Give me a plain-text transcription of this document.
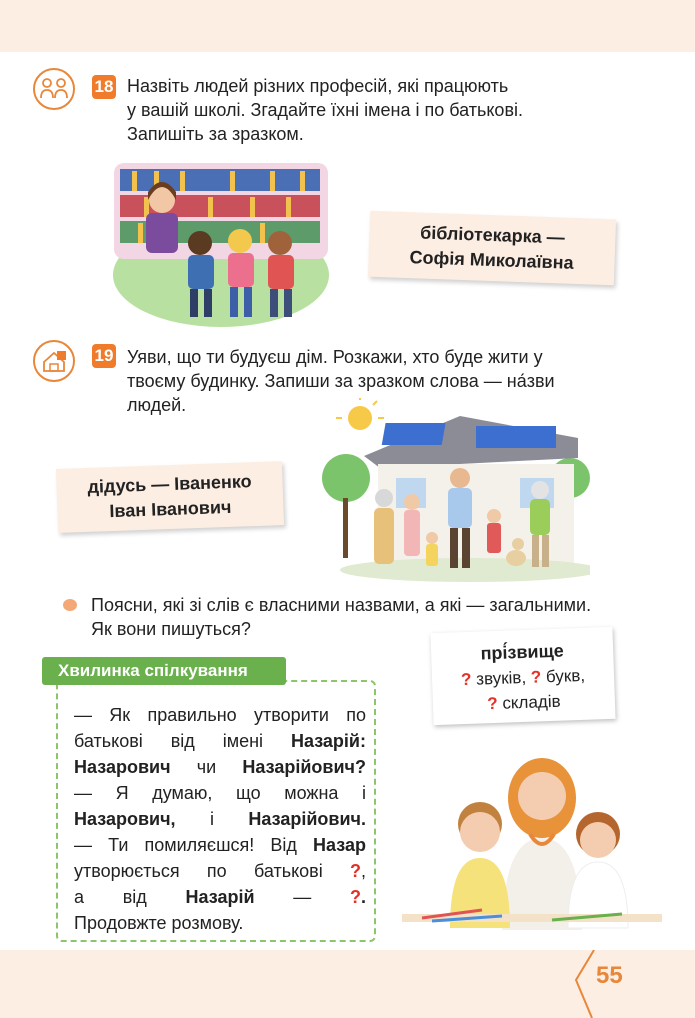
18 Назвіть людей різних професій, які працюють
у вашій школі. Згадайте їхні імена і по батькові.
Запишіть за зразком.
бібліотекарка —
Софія Миколаївна
19 Уяви, що ти будуєш дім. Розкажи, хто буде жити у
твоєму будинку. Запиши за зразком слова — на́зви
людей.
дідусь — Іваненко
Іван Іванович
Поясни, які зі слів є власними назвами, а які — загальними.
Як вони пишуться?
прі́звище
? звуків, ? букв,
? складів
Хвилинка спілкування
— Як правильно утворити по
батькові від імені Назарій:
Назарович чи Назарійович?
— Я думаю, що можна і
Назарович, і Назарійович.
— Ти помиляєшся! Від Назар
утворюється по батькові ?,
а від Назарій — ?.
Продовжте розмову.
55
